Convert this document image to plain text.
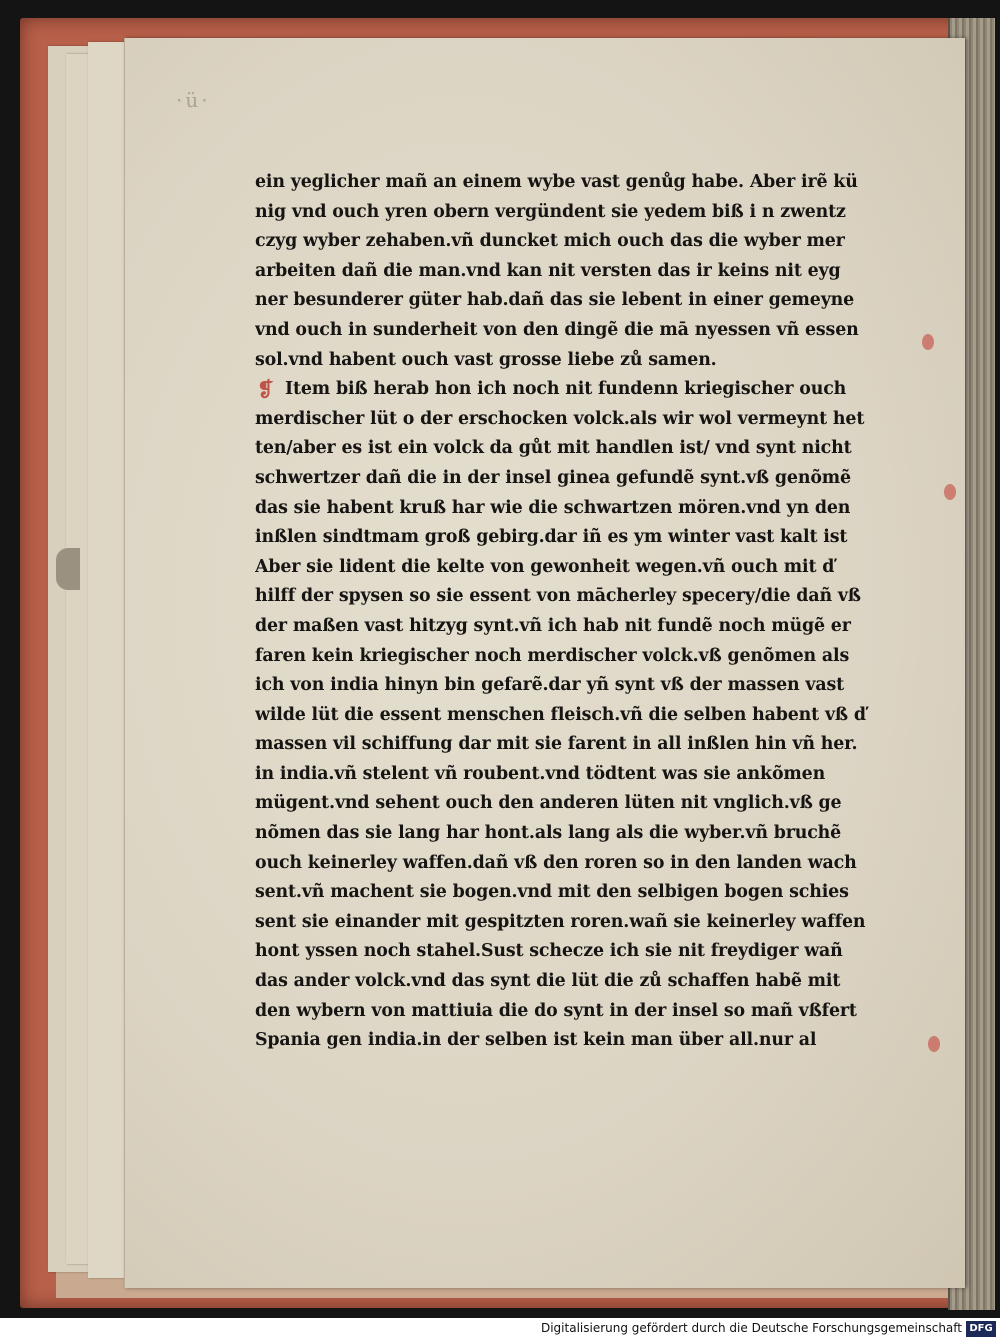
·ü·
ein yeglicher mañ an einem wybe vast genůg habe. Aber irẽ kü
nig vnd ouch yren obern vergündent sie yedem biß i n zwentz
czyg wyber zehaben.vñ duncket mich ouch das die wyber mer
arbeiten dañ die man.vnd kan nit versten das ir keins nit eyg
ner besunderer güter hab.dañ das sie lebent in einer gemeyne
vnd ouch in sunderheit von den dingẽ die mā nyessen vñ essen
sol.vnd habent ouch vast grosse liebe zů samen.
❡ Item biß herab hon ich noch nit fundenn kriegischer ouch
merdischer lüt o der erschocken volck.als wir wol vermeynt het
ten/aber es ist ein volck da gůt mit handlen ist/ vnd synt nicht
schwertzer dañ die in der insel ginea gefundẽ synt.vß genõmẽ
das sie habent kruß har wie die schwartzen mören.vnd yn den
inßlen sindtmam groß gebirg.dar iñ es ym winter vast kalt ist
Aber sie lident die kelte von gewonheit wegen.vñ ouch mit ď
hilff der spysen so sie essent von mācherley specery/die dañ vß
der maßen vast hitzyg synt.vñ ich hab nit fundẽ noch mügẽ er
faren kein kriegischer noch merdischer volck.vß genõmen als
ich von india hinyn bin gefarẽ.dar yñ synt vß der massen vast
wilde lüt die essent menschen fleisch.vñ die selben habent vß ď
massen vil schiffung dar mit sie farent in all inßlen hin vñ her.
in india.vñ stelent vñ roubent.vnd tödtent was sie ankõmen
mügent.vnd sehent ouch den anderen lüten nit vnglich.vß ge
nõmen das sie lang har hont.als lang als die wyber.vñ bruchẽ
ouch keinerley waffen.dañ vß den roren so in den landen wach
sent.vñ machent sie bogen.vnd mit den selbigen bogen schies
sent sie einander mit gespitzten roren.wañ sie keinerley waffen
hont yssen noch stahel.Sust schecze ich sie nit freydiger wañ
das ander volck.vnd das synt die lüt die zů schaffen habẽ mit
den wybern von mattiuia die do synt in der insel so mañ vßfert
Spania gen india.in der selben ist kein man über all.nur al
Digitalisierung gefördert durch die Deutsche Forschungsgemeinschaft DFG
